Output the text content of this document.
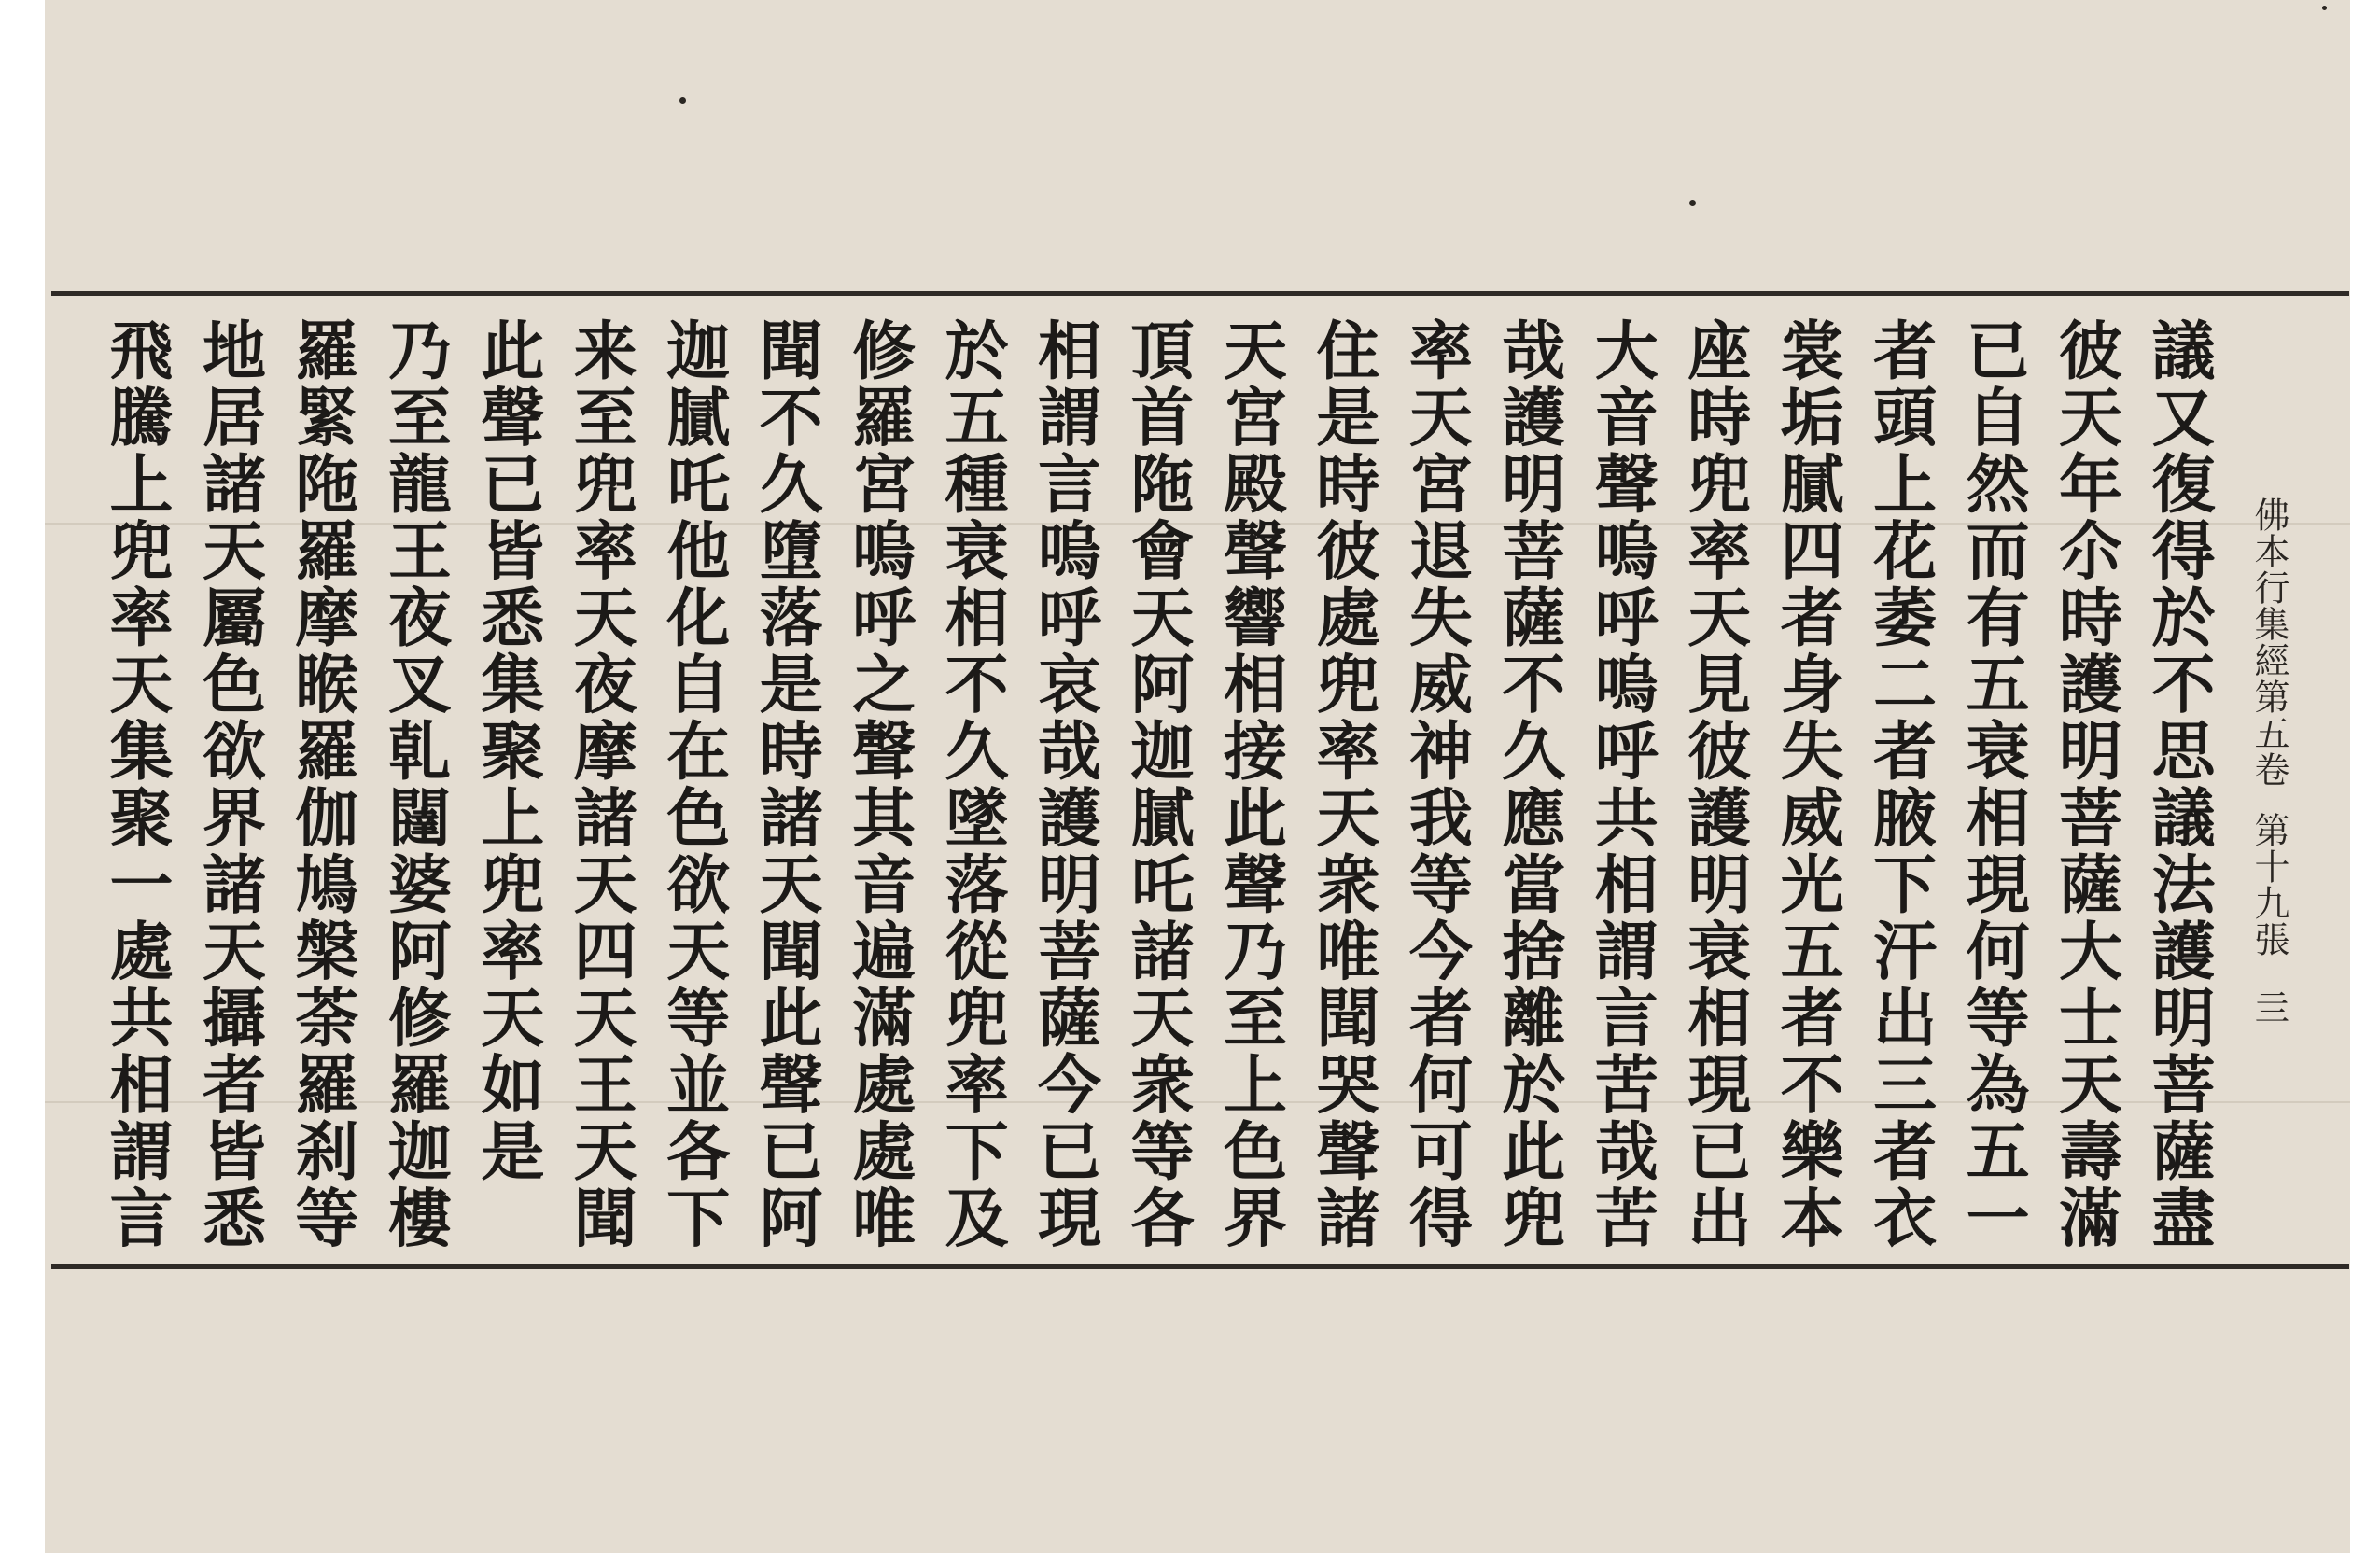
議又復得於不思議法護明菩薩盡
彼天年尒時護明菩薩大士天壽滿
已自然而有五衰相現何等為五一
者頭上花萎二者腋下汗出三者衣
裳垢膩四者身失威光五者不樂本
座時兜率天見彼護明衰相現已出
大音聲嗚呼嗚呼共相謂言苦哉苦
哉護明菩薩不久應當捨離於此兜
率天宮退失威神我等今者何可得
住是時彼處兜率天衆唯聞哭聲諸
天宮殿聲響相接此聲乃至上色界
頂首陁會天阿迦膩吒諸天衆等各
相謂言嗚呼哀哉護明菩薩今已現
於五種衰相不久墜落從兜率下及
修羅宮嗚呼之聲其音遍滿處處唯
聞不久墮落是時諸天聞此聲已阿
迦膩吒他化自在色欲天等並各下
来至兜率天夜摩諸天四天王天聞
此聲已皆悉集聚上兜率天如是
乃至龍王夜叉乹闥婆阿修羅迦樓
羅緊陁羅摩睺羅伽鳩槃荼羅刹等
地居諸天屬色欲界諸天攝者皆悉
飛騰上兜率天集聚一處共相謂言	佛本行集經第五卷第十九張亖
